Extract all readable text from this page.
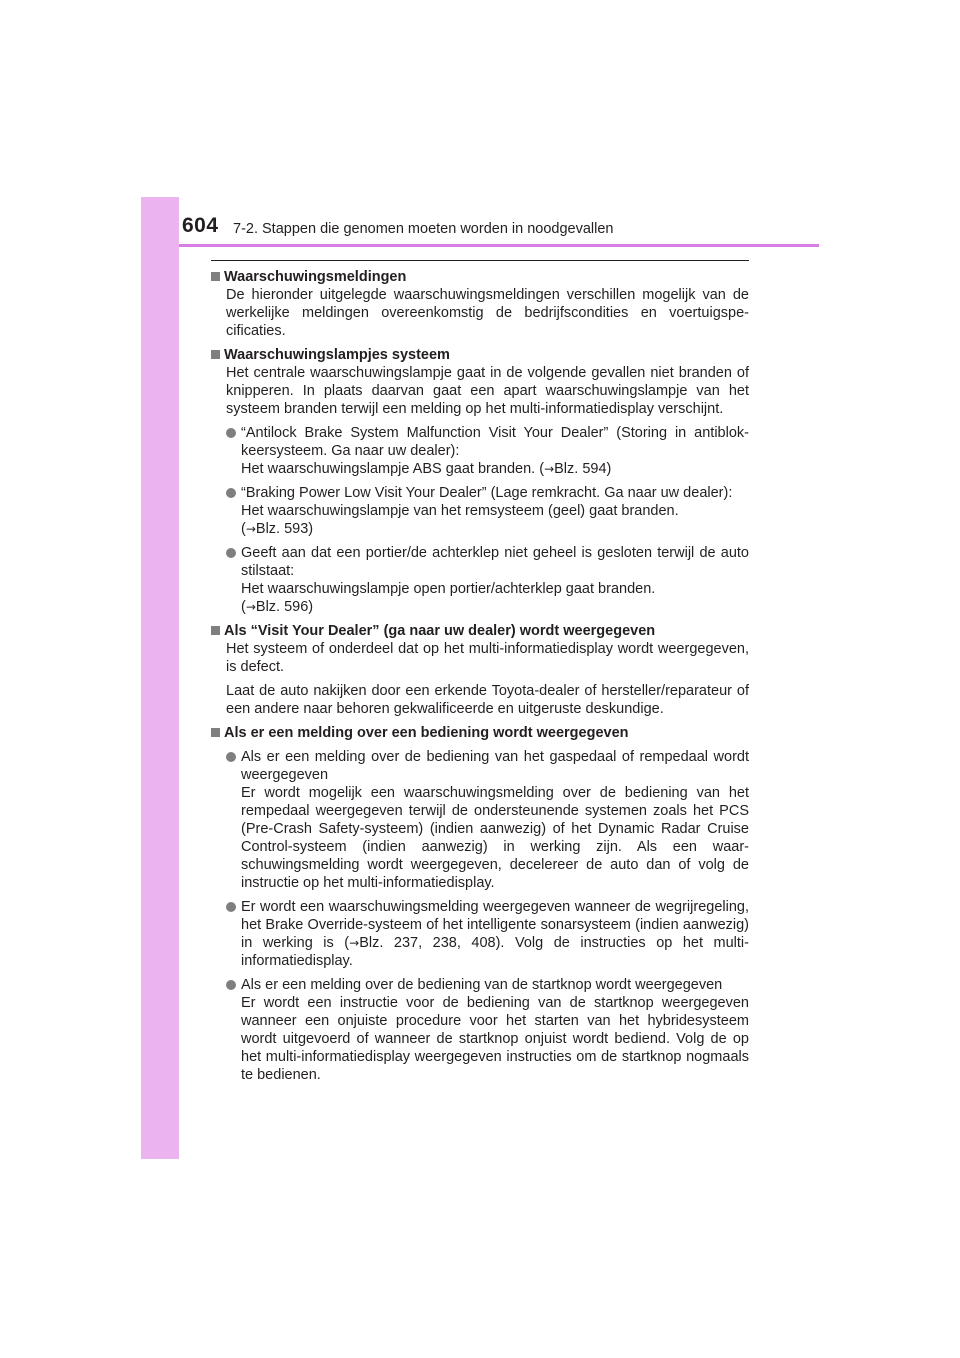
604 7-2. Stappen die genomen moeten worden in noodgevallen
Waarschuwingsmeldingen

De hieronder uitgelegde waarschuwingsmeldingen verschillen mogelijk van de werkelijke meldingen overeenkomstig de bedrijfscondities en voertuigspecificaties.

Waarschuwingslampjes systeem

Het centrale waarschuwingslampje gaat in de volgende gevallen niet branden of knipperen. In plaats daarvan gaat een apart waarschuwingslampje van het systeem branden terwijl een melding op het multi-informatiedisplay verschijnt.

“Antilock Brake System Malfunction Visit Your Dealer” (Storing in antiblokkeersysteem. Ga naar uw dealer):
Het waarschuwingslampje ABS gaat branden. (→Blz. 594)
“Braking Power Low Visit Your Dealer” (Lage remkracht. Ga naar uw dealer):
Het waarschuwingslampje van het remsysteem (geel) gaat branden.
(→Blz. 593)
Geeft aan dat een portier/de achterklep niet geheel is gesloten terwijl de auto stilstaat:
Het waarschuwingslampje open portier/achterklep gaat branden.
(→Blz. 596)
Als “Visit Your Dealer” (ga naar uw dealer) wordt weergegeven

Het systeem of onderdeel dat op het multi-informatiedisplay wordt weergegeven, is defect.

Laat de auto nakijken door een erkende Toyota-dealer of hersteller/reparateur of een andere naar behoren gekwalificeerde en uitgeruste deskundige.

Als er een melding over een bediening wordt weergegeven
Als er een melding over de bediening van het gaspedaal of rempedaal wordt weergegeven
Er wordt mogelijk een waarschuwingsmelding over de bediening van het rempedaal weergegeven terwijl de ondersteunende systemen zoals het PCS (Pre-Crash Safety-systeem) (indien aanwezig) of het Dynamic Radar Cruise Control-systeem (indien aanwezig) in werking zijn. Als een waarschuwingsmelding wordt weergegeven, decelereer de auto dan of volg de instructie op het multi-informatiedisplay.
Er wordt een waarschuwingsmelding weergegeven wanneer de wegrijregeling, het Brake Override-systeem of het intelligente sonarsysteem (indien aanwezig) in werking is (→Blz. 237, 238, 408). Volg de instructies op het multi-informatiedisplay.
Als er een melding over de bediening van de startknop wordt weergegeven
Er wordt een instructie voor de bediening van de startknop weergegeven wanneer een onjuiste procedure voor het starten van het hybridesysteem wordt uitgevoerd of wanneer de startknop onjuist wordt bediend. Volg de op het multi-informatiedisplay weergegeven instructies om de startknop nogmaals te bedienen.
